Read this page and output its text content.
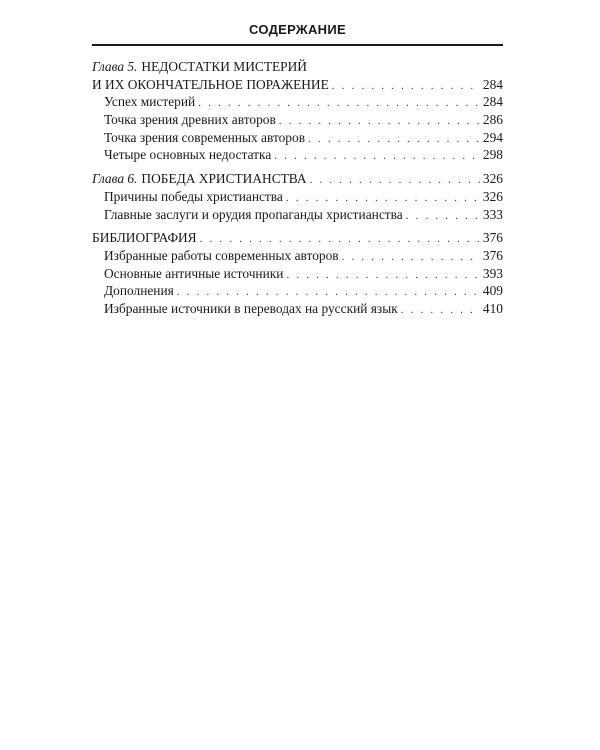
СОДЕРЖАНИЕ
Глава 5. НЕДОСТАТКИ МИСТЕРИЙ
И ИХ ОКОНЧАТЕЛЬНОЕ ПОРАЖЕНИЕ . . .	284
Успех мистерий . . .	284
Точка зрения древних авторов . . .	286
Точка зрения современных авторов . . .	294
Четыре основных недостатка . . .	298
Глава 6. ПОБЕДА ХРИСТИАНСТВА . . .	326
Причины победы христианства . . .	326
Главные заслуги и орудия пропаганды христианства . . .	333
БИБЛИОГРАФИЯ . . .	376
Избранные работы современных авторов . . .	376
Основные античные источники . . .	393
Дополнения . . .	409
Избранные источники в переводах на русский язык . . .	410
